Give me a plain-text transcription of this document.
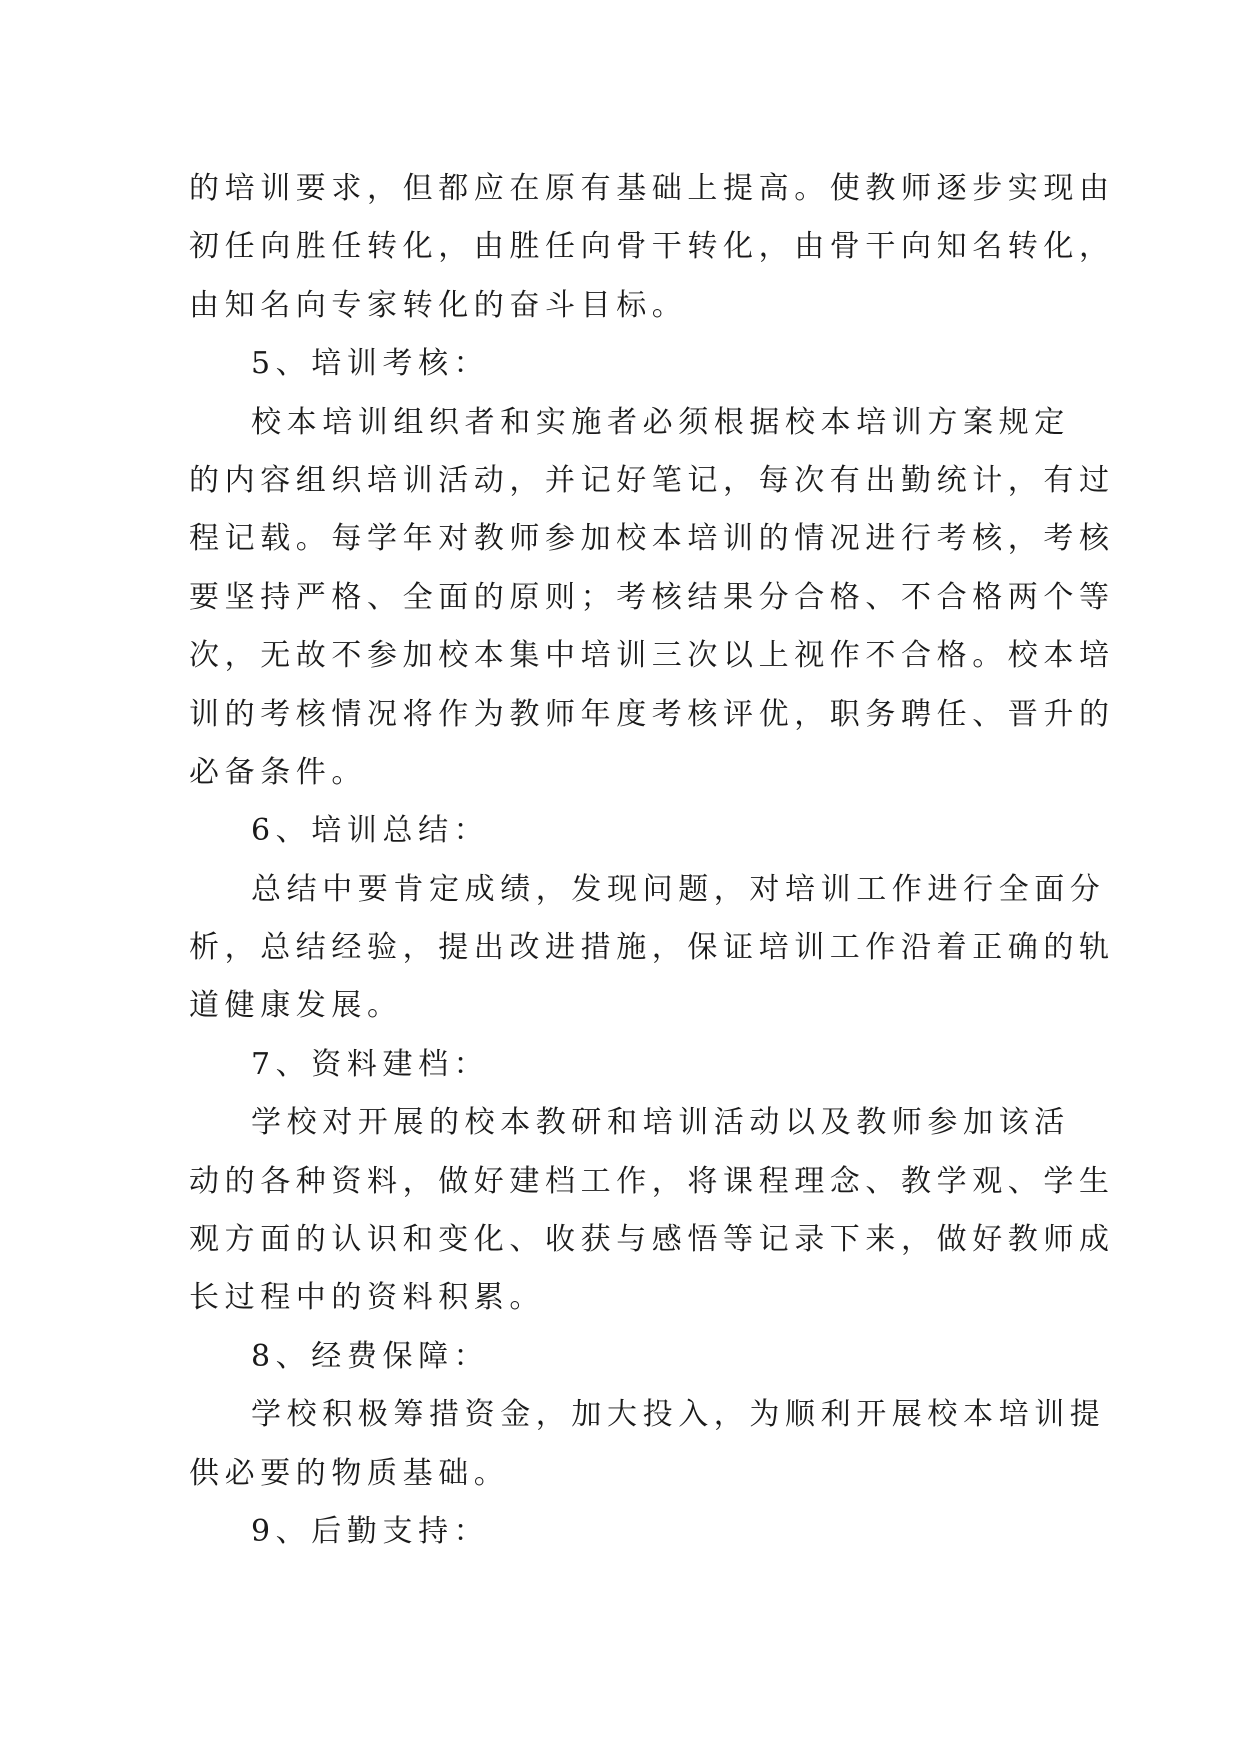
的培训要求，但都应在原有基础上提高。使教师逐步实现由
初任向胜任转化，由胜任向骨干转化，由骨干向知名转化，
由知名向专家转化的奋斗目标。
5、培训考核：
校本培训组织者和实施者必须根据校本培训方案规定
的内容组织培训活动，并记好笔记，每次有出勤统计，有过
程记载。每学年对教师参加校本培训的情况进行考核，考核
要坚持严格、全面的原则；考核结果分合格、不合格两个等
次，无故不参加校本集中培训三次以上视作不合格。校本培
训的考核情况将作为教师年度考核评优，职务聘任、晋升的
必备条件。
6、培训总结：
总结中要肯定成绩，发现问题，对培训工作进行全面分
析，总结经验，提出改进措施，保证培训工作沿着正确的轨
道健康发展。
7、资料建档：
学校对开展的校本教研和培训活动以及教师参加该活
动的各种资料，做好建档工作，将课程理念、教学观、学生
观方面的认识和变化、收获与感悟等记录下来，做好教师成
长过程中的资料积累。
8、经费保障：
学校积极筹措资金，加大投入，为顺利开展校本培训提
供必要的物质基础。
9、后勤支持：
